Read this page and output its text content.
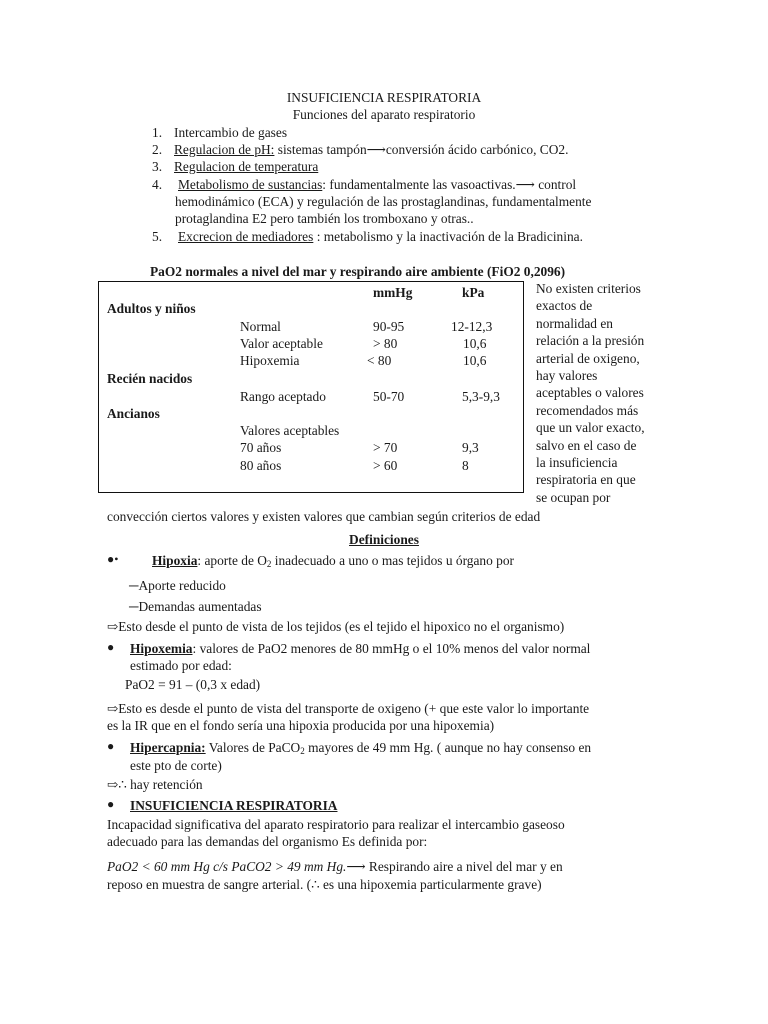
INSUFICIENCIA RESPIRATORIA
Funciones del aparato respiratorio
1. Intercambio de gases
2. Regulacion de pH: sistemas tampón⟶conversión ácido carbónico, CO2.
3. Regulacion de temperatura
4. Metabolismo de sustancias: fundamentalmente las vasoactivas.⟶ control
hemodinámico (ECA) y regulación de las prostaglandinas, fundamentalmente
protaglandina E2 pero también los tromboxano y otras..
5. Excrecion de mediadores : metabolismo y la inactivación de la Bradicinina.
PaO2 normales a nivel del mar y respirando aire ambiente (FiO2 0,2096)
mmHg	kPa
Adultos y niños
Normal	90-95	12-12,3
Valor aceptable	> 80	10,6
Hipoxemia	< 80	10,6
Recién nacidos
Rango aceptado	50-70	5,3-9,3
Ancianos
Valores aceptables
70 años	> 70	9,3
80 años	> 60	8
No existen criterios
exactos de
normalidad en
relación a la presión
arterial de oxigeno,
hay valores
aceptables o valores
recomendados más
que un valor exacto,
salvo en el caso de
la insuficiencia
respiratoria en que
se ocupan por
convección ciertos valores y existen valores que cambian según criterios de edad
Definiciones
●•	Hipoxia: aporte de $O_2$ inadecuado a uno o mas tejidos u órgano por
─Aporte reducido
─Demandas aumentadas
⇨Esto desde el punto de vista de los tejidos (es el tejido el hipoxico no el organismo)
● Hipoxemia: valores de PaO2 menores de 80 mmHg o el 10% menos del valor normal
estimado por edad:
PaO2 = 91 – (0,3 x edad)
⇨Esto es desde el punto de vista del transporte de oxigeno (+ que este valor lo importante
es la IR que en el fondo sería una hipoxia producida por una hipoxemia)
● Hipercapnia: Valores de PaCO$_2$ mayores de 49 mm Hg. ( aunque no hay consenso en
este pto de corte)
⇨∴ hay retención
● INSUFICIENCIA RESPIRATORIA
Incapacidad significativa del aparato respiratorio para realizar el intercambio gaseoso
adecuado para las demandas del organismo Es definida por:
PaO2 < 60 mm Hg c/s PaCO2 > 49 mm Hg.⟶ Respirando aire a nivel del mar y en
reposo en muestra de sangre arterial. (∴ es una hipoxemia particularmente grave)
